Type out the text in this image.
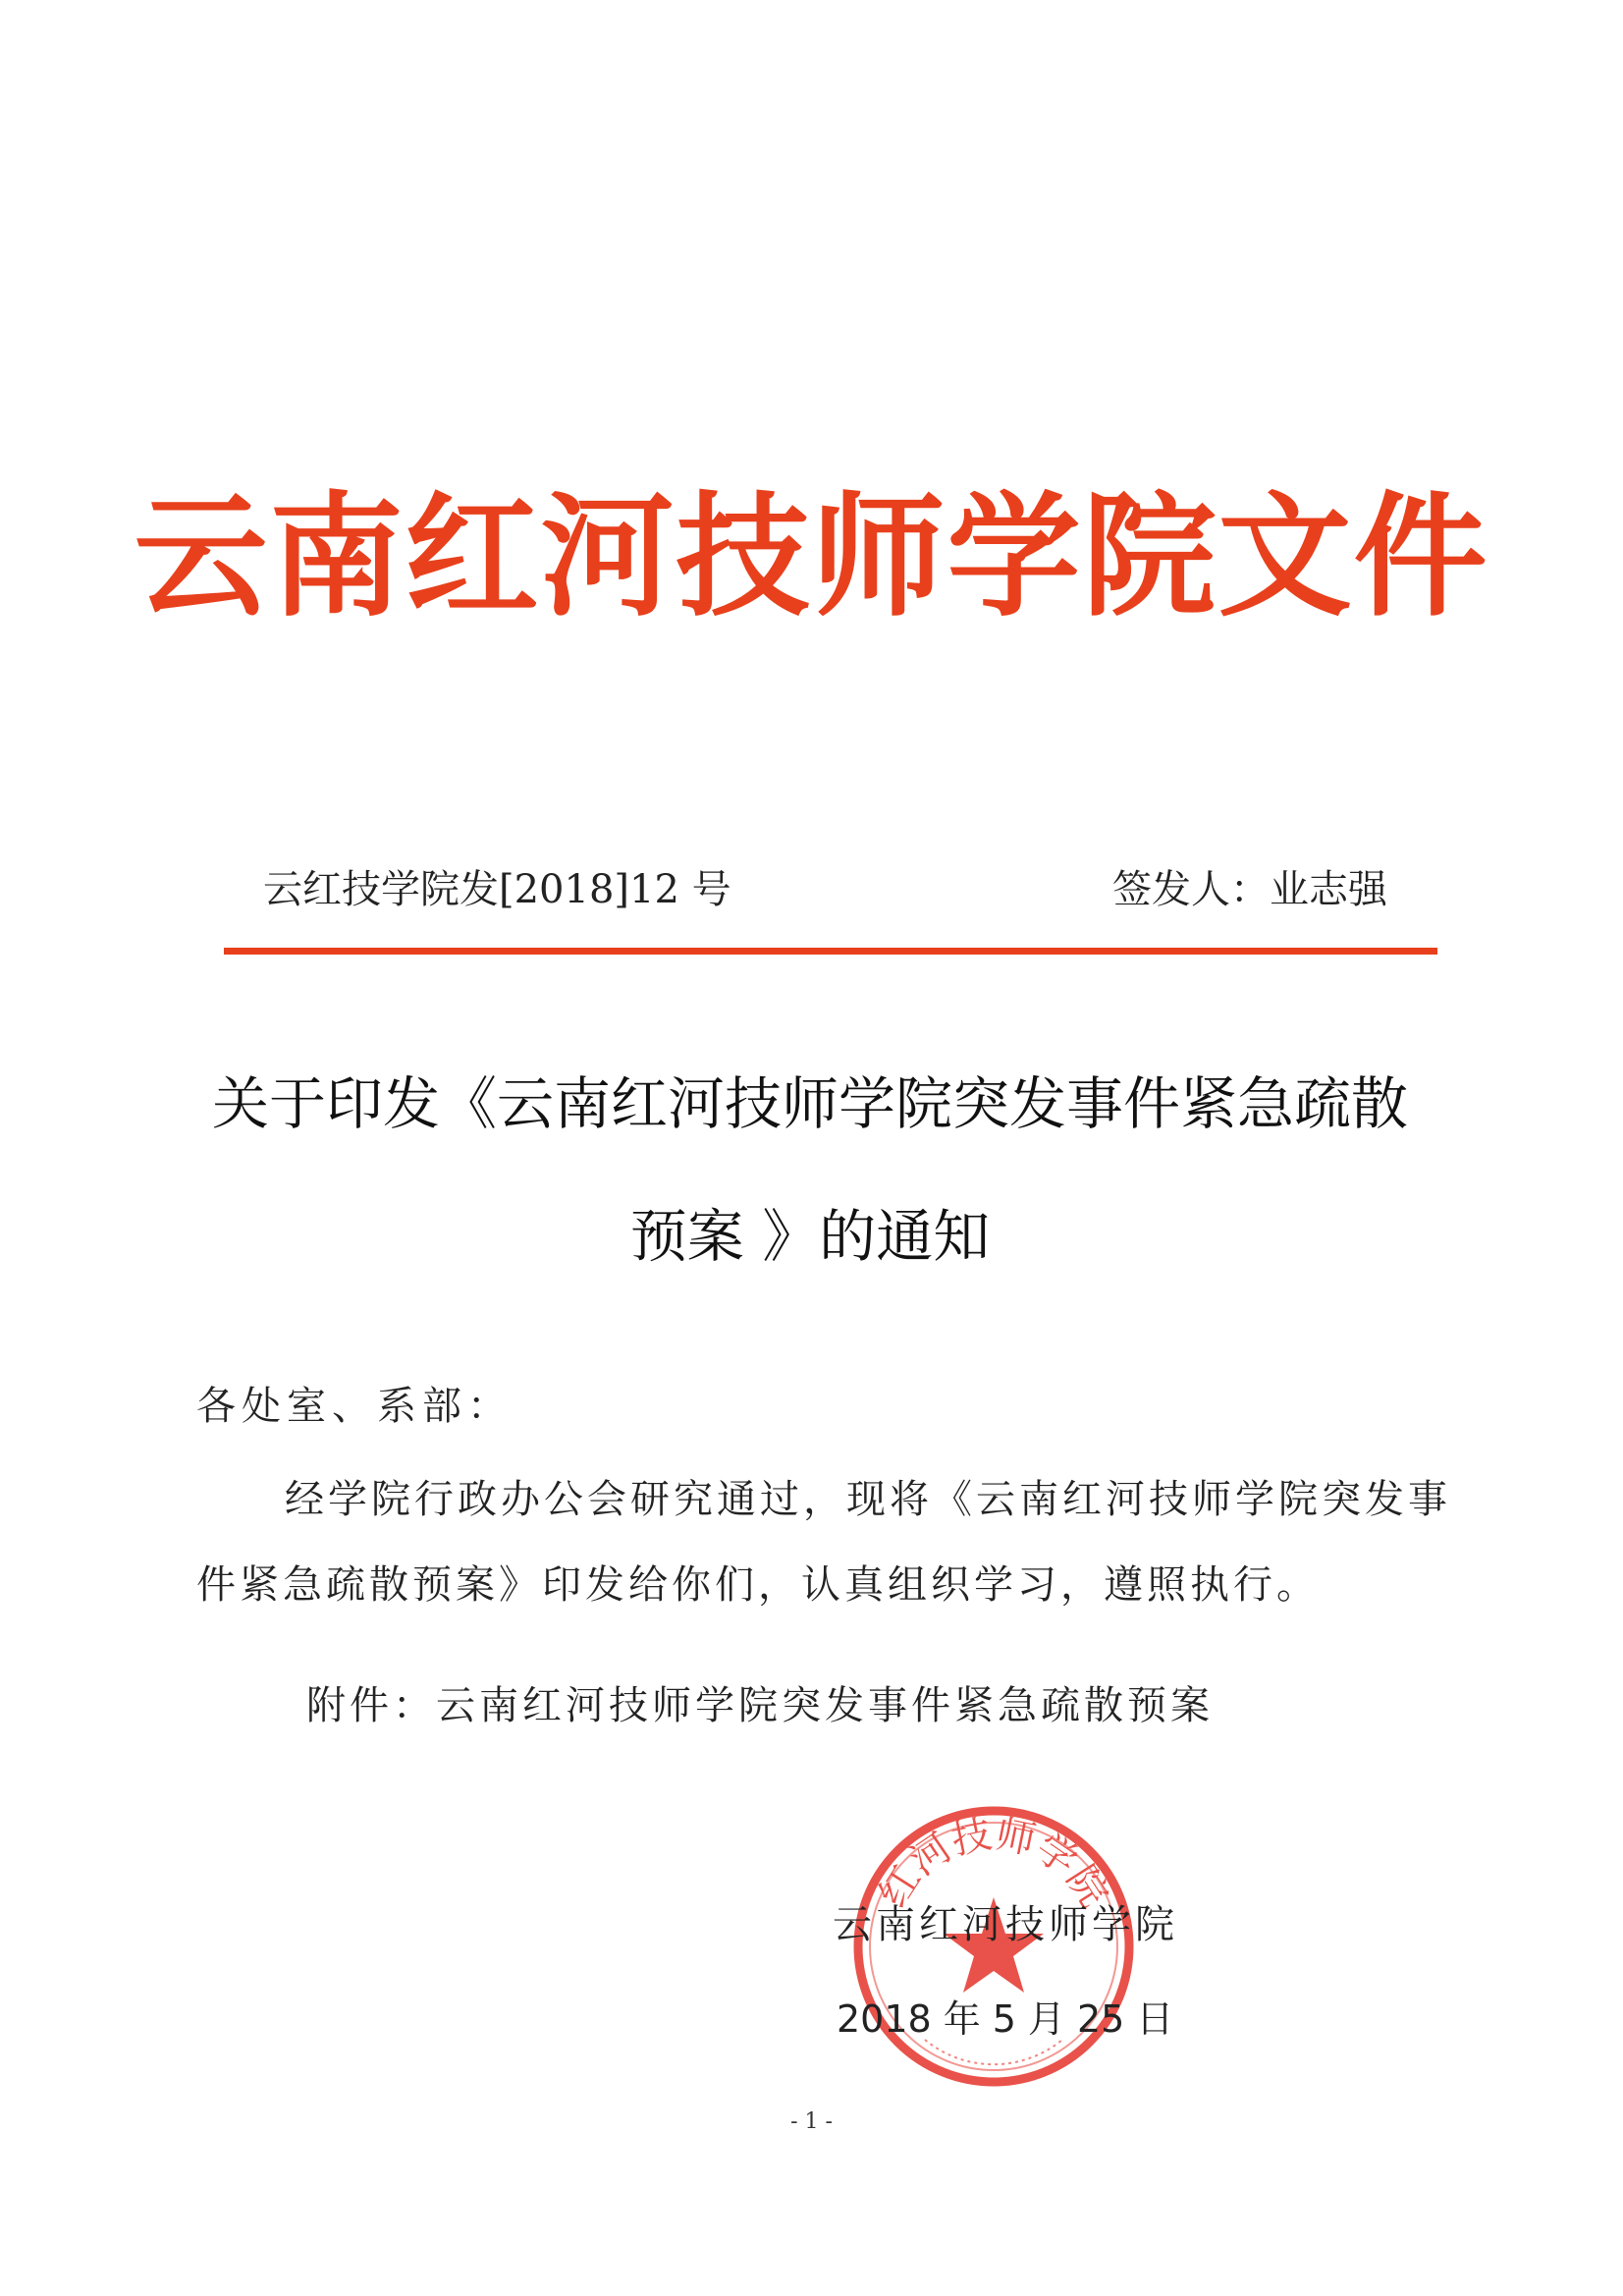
云南红河技师学院文件
云红技学院发[2018]12 号	签发人：业志强
关于印发《云南红河技师学院突发事件紧急疏散
预案 》的通知
各处室、系部：
经学院行政办公会研究通过，现将《云南红河技师学院突发事
件紧急疏散预案》印发给你们，认真组织学习，遵照执行。
附件：云南红河技师学院突发事件紧急疏散预案
红河技师学院
云南红河技师学院
2018 年 5 月 25 日
- 1 -
